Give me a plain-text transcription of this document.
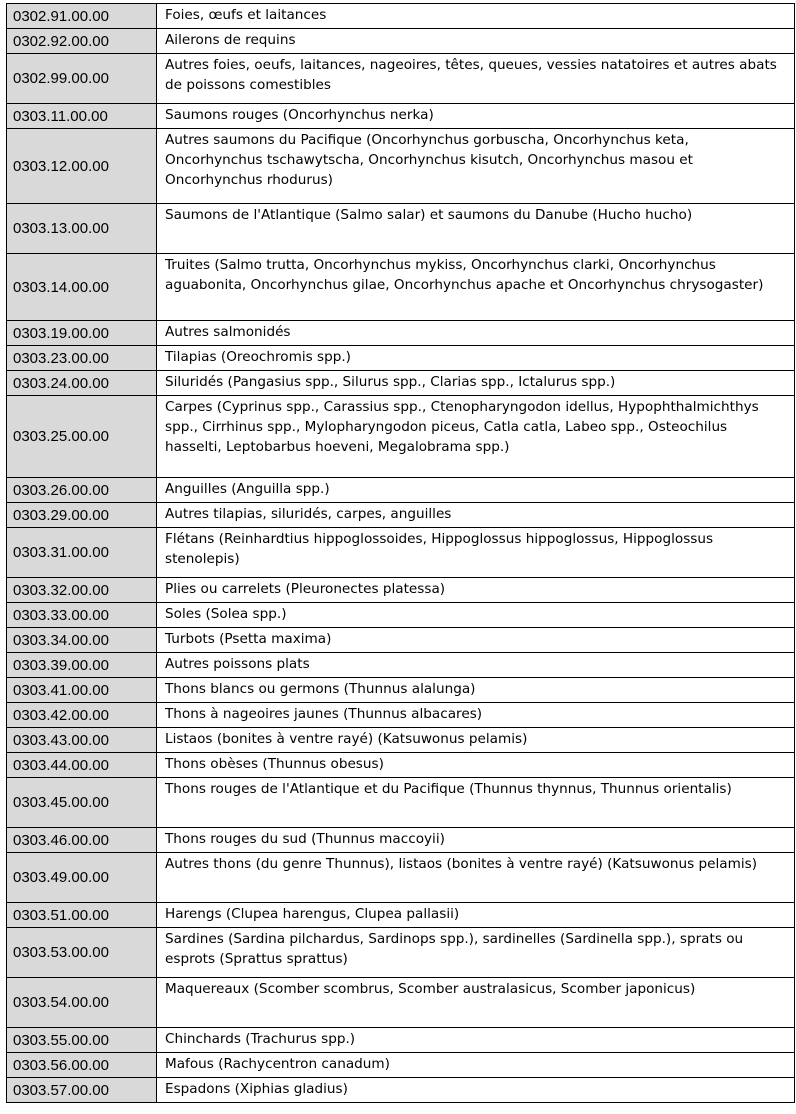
0302.91.00.00	Foies, œufs et laitances
0302.92.00.00	Ailerons de requins
0302.99.00.00	Autres foies, oeufs, laitances, nageoires, têtes, queues, vessies natatoires et autres abats de poissons comestibles
0303.11.00.00	Saumons rouges (Oncorhynchus nerka)
0303.12.00.00	Autres saumons du Pacifique (Oncorhynchus gorbuscha, Oncorhynchus keta, Oncorhynchus tschawytscha, Oncorhynchus kisutch, Oncorhynchus masou et Oncorhynchus rhodurus)
0303.13.00.00	Saumons de l'Atlantique (Salmo salar) et saumons du Danube (Hucho hucho)
0303.14.00.00	Truites (Salmo trutta, Oncorhynchus mykiss, Oncorhynchus clarki, Oncorhynchus aguabonita, Oncorhynchus gilae, Oncorhynchus apache et Oncorhynchus chrysogaster)
0303.19.00.00	Autres salmonidés
0303.23.00.00	Tilapias (Oreochromis spp.)
0303.24.00.00	Siluridés (Pangasius spp., Silurus spp., Clarias spp., Ictalurus spp.)
0303.25.00.00	Carpes (Cyprinus spp., Carassius spp., Ctenopharyngodon idellus, Hypophthalmichthys spp., Cirrhinus spp., Mylopharyngodon piceus, Catla catla, Labeo spp., Osteochilus hasselti, Leptobarbus hoeveni, Megalobrama spp.)
0303.26.00.00	Anguilles (Anguilla spp.)
0303.29.00.00	Autres tilapias, siluridés, carpes, anguilles
0303.31.00.00	Flétans (Reinhardtius hippoglossoides, Hippoglossus hippoglossus, Hippoglossus stenolepis)
0303.32.00.00	Plies ou carrelets (Pleuronectes platessa)
0303.33.00.00	Soles (Solea spp.)
0303.34.00.00	Turbots (Psetta maxima)
0303.39.00.00	Autres poissons plats
0303.41.00.00	Thons blancs ou germons (Thunnus alalunga)
0303.42.00.00	Thons à nageoires jaunes (Thunnus albacares)
0303.43.00.00	Listaos (bonites à ventre rayé) (Katsuwonus pelamis)
0303.44.00.00	Thons obèses (Thunnus obesus)
0303.45.00.00	Thons rouges de l'Atlantique et du Pacifique (Thunnus thynnus, Thunnus orientalis)
0303.46.00.00	Thons rouges du sud (Thunnus maccoyii)
0303.49.00.00	Autres thons (du genre Thunnus), listaos (bonites à ventre rayé) (Katsuwonus pelamis)
0303.51.00.00	Harengs (Clupea harengus, Clupea pallasii)
0303.53.00.00	Sardines (Sardina pilchardus, Sardinops spp.), sardinelles (Sardinella spp.), sprats ou esprots (Sprattus sprattus)
0303.54.00.00	Maquereaux (Scomber scombrus, Scomber australasicus, Scomber japonicus)
0303.55.00.00	Chinchards (Trachurus spp.)
0303.56.00.00	Mafous (Rachycentron canadum)
0303.57.00.00	Espadons (Xiphias gladius)
